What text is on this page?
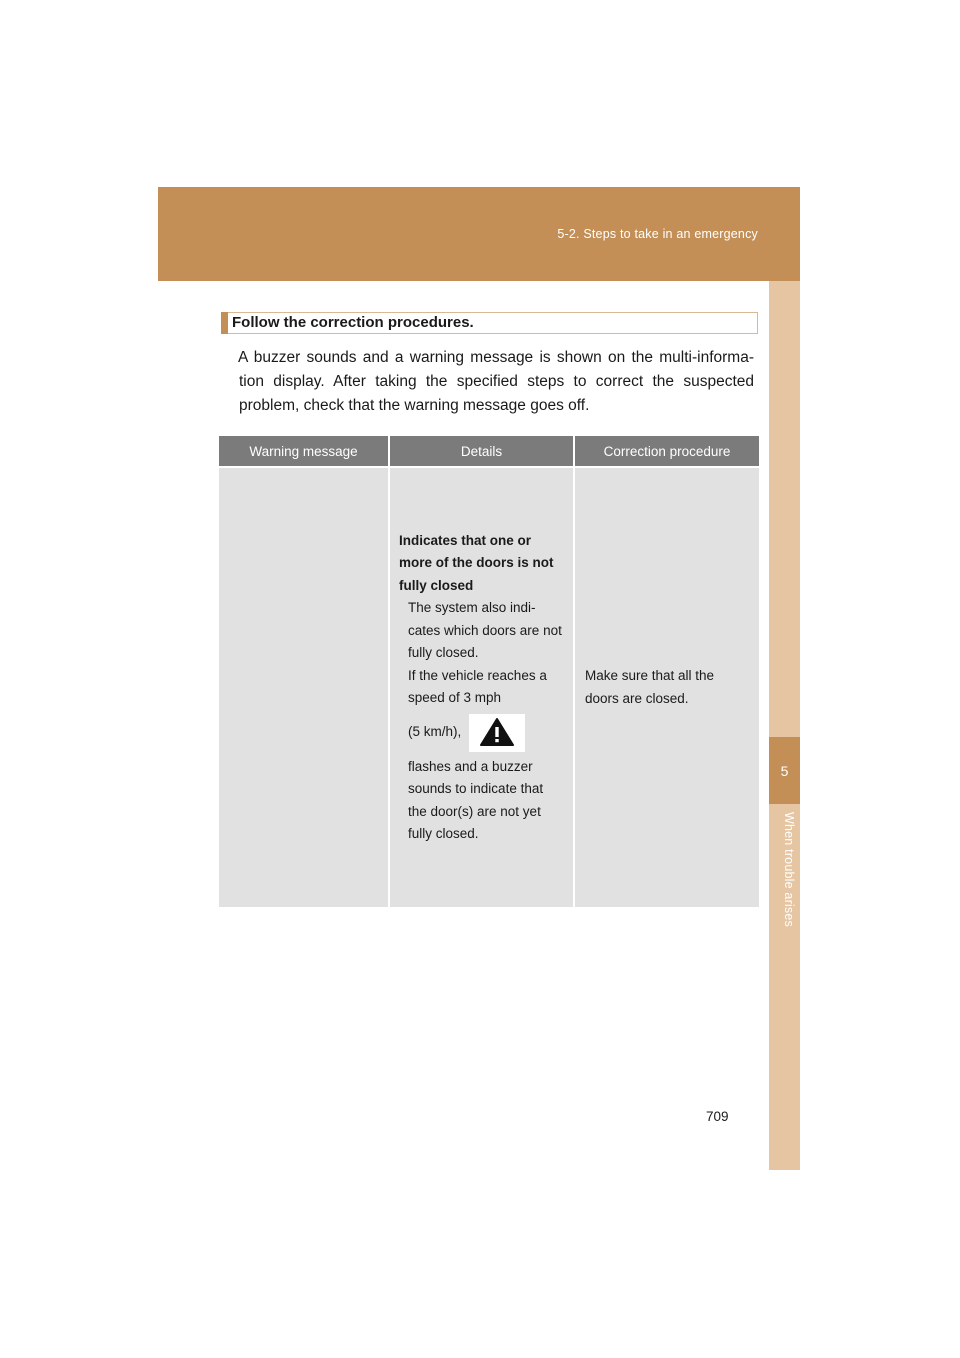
5-2. Steps to take in an emergency
5
When trouble arises
Follow the correction procedures.

A buzzer sounds and a warning message is shown on the multi-informa-tion display. After taking the specified steps to correct the suspected problem, check that the warning message goes off.

Warning message	Details	Correction procedure

	Indicates that one or more of the doors is not fully closed
The system also indi-cates which doors are not fully closed.
If the vehicle reaches a speed of 3 mph
(5 km/h),
flashes and a buzzer sounds to indicate that the door(s) are not yet fully closed.	Make sure that all the doors are closed.
709
